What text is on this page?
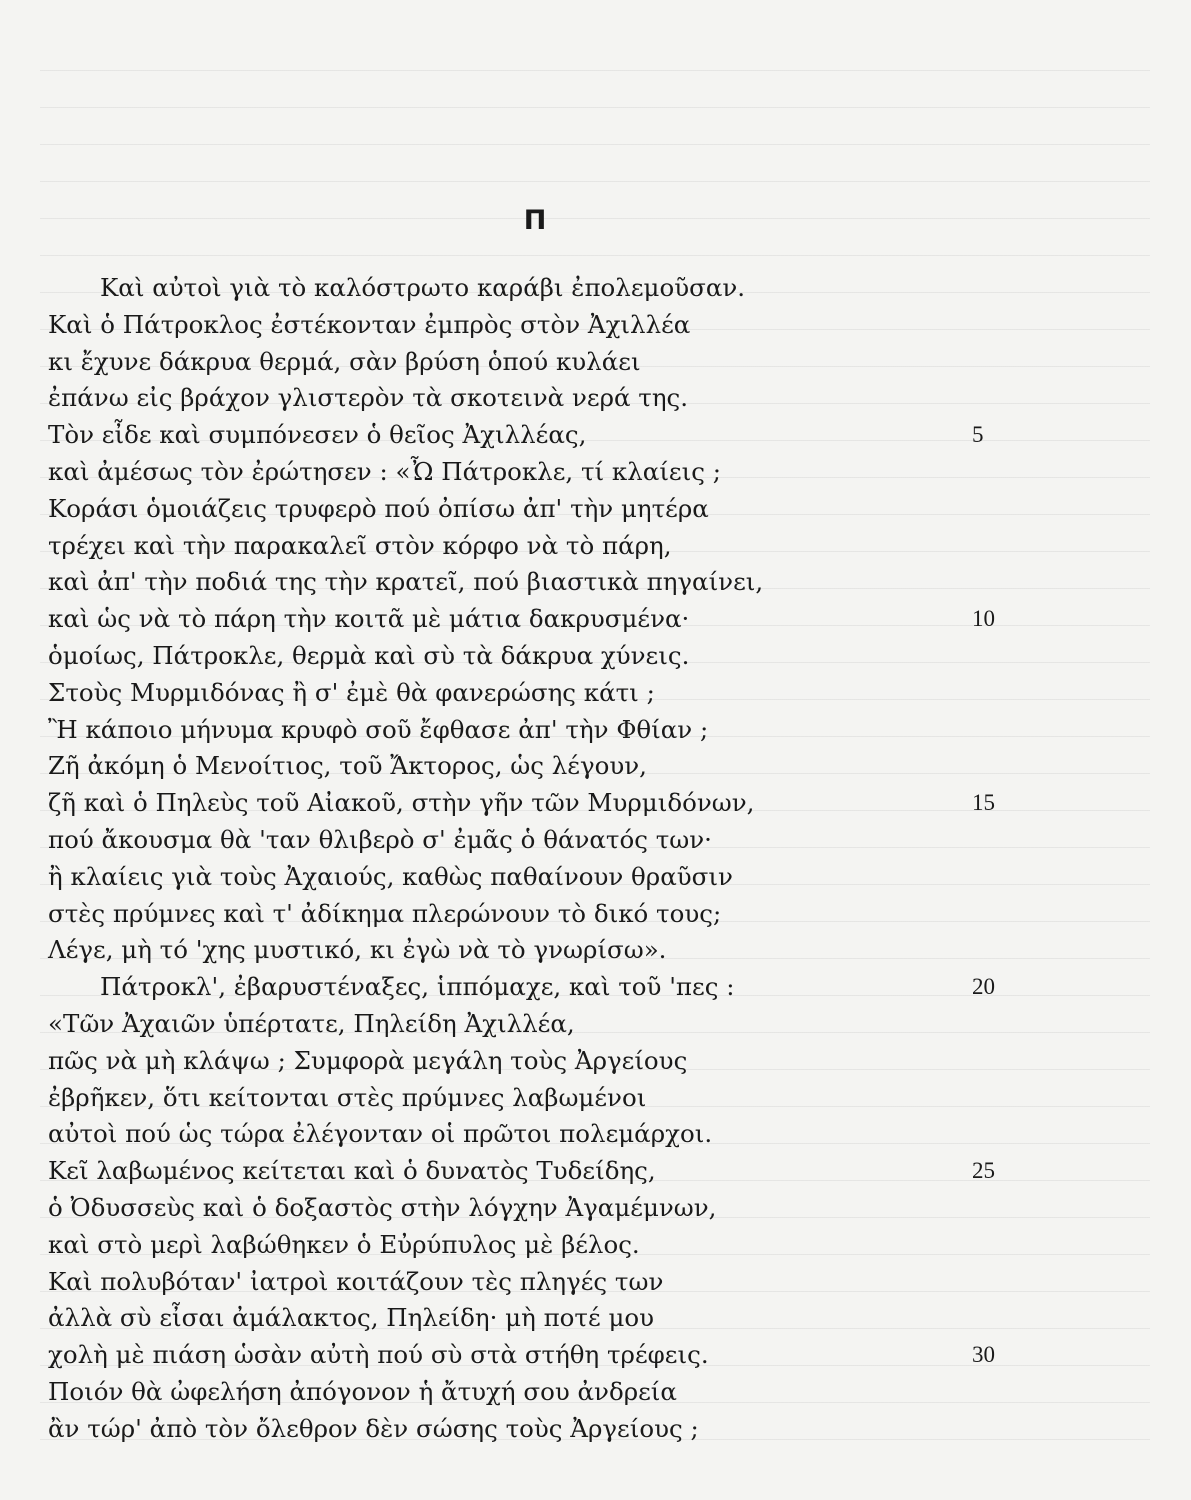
Π
Καὶ αὐτοὶ γιὰ τὸ καλόστρωτο καράβι ἐπολεμοῦσαν.
Καὶ ὁ Πάτροκλος ἐστέκονταν ἐμπρὸς στὸν Ἀχιλλέα
κι ἔχυνε δάκρυα θερμά, σὰν βρύση ὁπού κυλάει
ἐπάνω εἰς βράχον γλιστερὸν τὰ σκοτεινὰ νερά της.
Τὸν εἶδε καὶ συμπόνεσεν ὁ θεῖος Ἀχιλλέας,	5
καὶ ἀμέσως τὸν ἐρώτησεν : «Ὦ Πάτροκλε, τί κλαίεις ;
Κοράσι ὁμοιάζεις τρυφερὸ πού ὀπίσω ἀπ' τὴν μητέρα
τρέχει καὶ τὴν παρακαλεῖ στὸν κόρφο νὰ τὸ πάρη,
καὶ ἀπ' τὴν ποδιά της τὴν κρατεῖ, πού βιαστικὰ πηγαίνει,
καὶ ὡς νὰ τὸ πάρη τὴν κοιτᾶ μὲ μάτια δακρυσμένα·	10
ὁμοίως, Πάτροκλε, θερμὰ καὶ σὺ τὰ δάκρυα χύνεις.
Στοὺς Μυρμιδόνας ἢ σ' ἐμὲ θὰ φανερώσης κάτι ;
Ἢ κάποιο μήνυμα κρυφὸ σοῦ ἔφθασε ἀπ' τὴν Φθίαν ;
Ζῆ ἀκόμη ὁ Μενοίτιος, τοῦ Ἄκτορος, ὡς λέγουν,
ζῆ καὶ ὁ Πηλεὺς τοῦ Αἰακοῦ, στὴν γῆν τῶν Μυρμιδόνων,	15
πού ἄκουσμα θὰ 'ταν θλιβερὸ σ' ἐμᾶς ὁ θάνατός των·
ἢ κλαίεις γιὰ τοὺς Ἀχαιούς, καθὼς παθαίνουν θραῦσιν
στὲς πρύμνες καὶ τ' ἀδίκημα πλερώνουν τὸ δικό τους;
Λέγε, μὴ τό 'χης μυστικό, κι ἐγὼ νὰ τὸ γνωρίσω».
Πάτροκλ', ἐβαρυστέναξες, ἱππόμαχε, καὶ τοῦ 'πες :	20
«Τῶν Ἀχαιῶν ὑπέρτατε, Πηλείδη Ἀχιλλέα,
πῶς νὰ μὴ κλάψω ; Συμφορὰ μεγάλη τοὺς Ἀργείους
ἐβρῆκεν, ὅτι κείτονται στὲς πρύμνες λαβωμένοι
αὐτοὶ πού ὡς τώρα ἐλέγονταν οἱ πρῶτοι πολεμάρχοι.
Κεῖ λαβωμένος κείτεται καὶ ὁ δυνατὸς Τυδείδης,	25
ὁ Ὀδυσσεὺς καὶ ὁ δοξαστὸς στὴν λόγχην Ἀγαμέμνων,
καὶ στὸ μερὶ λαβώθηκεν ὁ Εὐρύπυλος μὲ βέλος.
Καὶ πολυβόταν' ἰατροὶ κοιτάζουν τὲς πληγές των
ἀλλὰ σὺ εἶσαι ἀμάλακτος, Πηλείδη· μὴ ποτέ μου
χολὴ μὲ πιάση ὡσὰν αὐτὴ πού σὺ στὰ στήθη τρέφεις.	30
Ποιόν θὰ ὠφελήση ἀπόγονον ἡ ἄτυχή σου ἀνδρεία
ἂν τώρ' ἀπὸ τὸν ὄλεθρον δὲν σώσης τοὺς Ἀργείους ;
